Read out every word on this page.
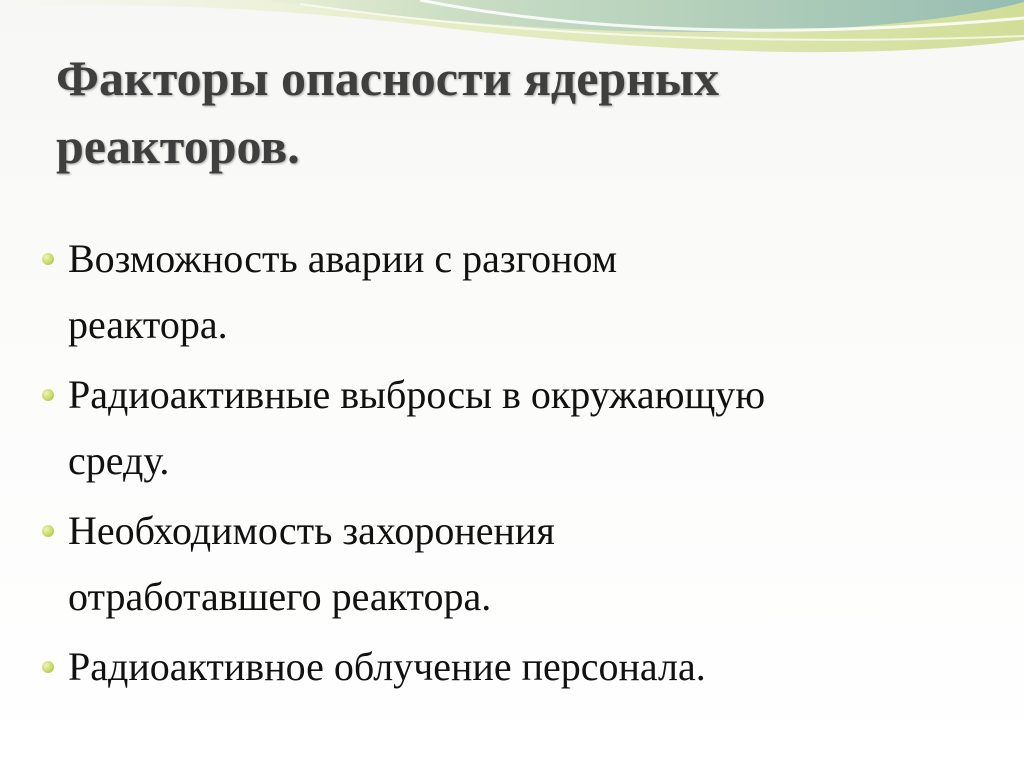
Факторы опасности ядерных
реакторов.
Возможность аварии с разгоном
реактора.
Радиоактивные выбросы в окружающую
среду.
Необходимость захоронения
отработавшего реактора.
Радиоактивное облучение персонала.
